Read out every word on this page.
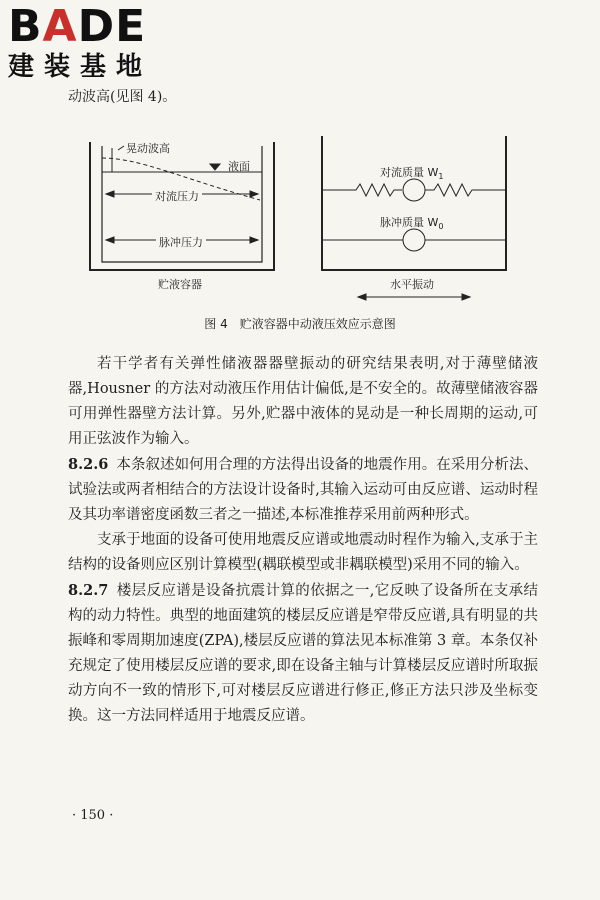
BADE
建装基地
动波高(见图 4)。
晃动波高
液面
对流压力
脉冲压力
贮液容器
对流质量 $W_1$
脉冲质量 $W_0$
水平振动
图 4 贮液容器中动液压效应示意图

若干学者有关弹性储液器器壁振动的研究结果表明,对于薄壁储液器,Housner 的方法对动液压作用估计偏低,是不安全的。故薄壁储液容器可用弹性器壁方法计算。另外,贮器中液体的晃动是一种长周期的运动,可用正弦波作为输入。

8.2.6 本条叙述如何用合理的方法得出设备的地震作用。在采用分析法、试验法或两者相结合的方法设计设备时,其输入运动可由反应谱、运动时程及其功率谱密度函数三者之一描述,本标准推荐采用前两种形式。

支承于地面的设备可使用地震反应谱或地震动时程作为输入,支承于主结构的设备则应区别计算模型(耦联模型或非耦联模型)采用不同的输入。

8.2.7 楼层反应谱是设备抗震计算的依据之一,它反映了设备所在支承结构的动力特性。典型的地面建筑的楼层反应谱是窄带反应谱,具有明显的共振峰和零周期加速度(ZPA),楼层反应谱的算法见本标准第 3 章。本条仅补充规定了使用楼层反应谱的要求,即在设备主轴与计算楼层反应谱时所取振动方向不一致的情形下,可对楼层反应谱进行修正,修正方法只涉及坐标变换。这一方法同样适用于地震反应谱。

· 150 ·
